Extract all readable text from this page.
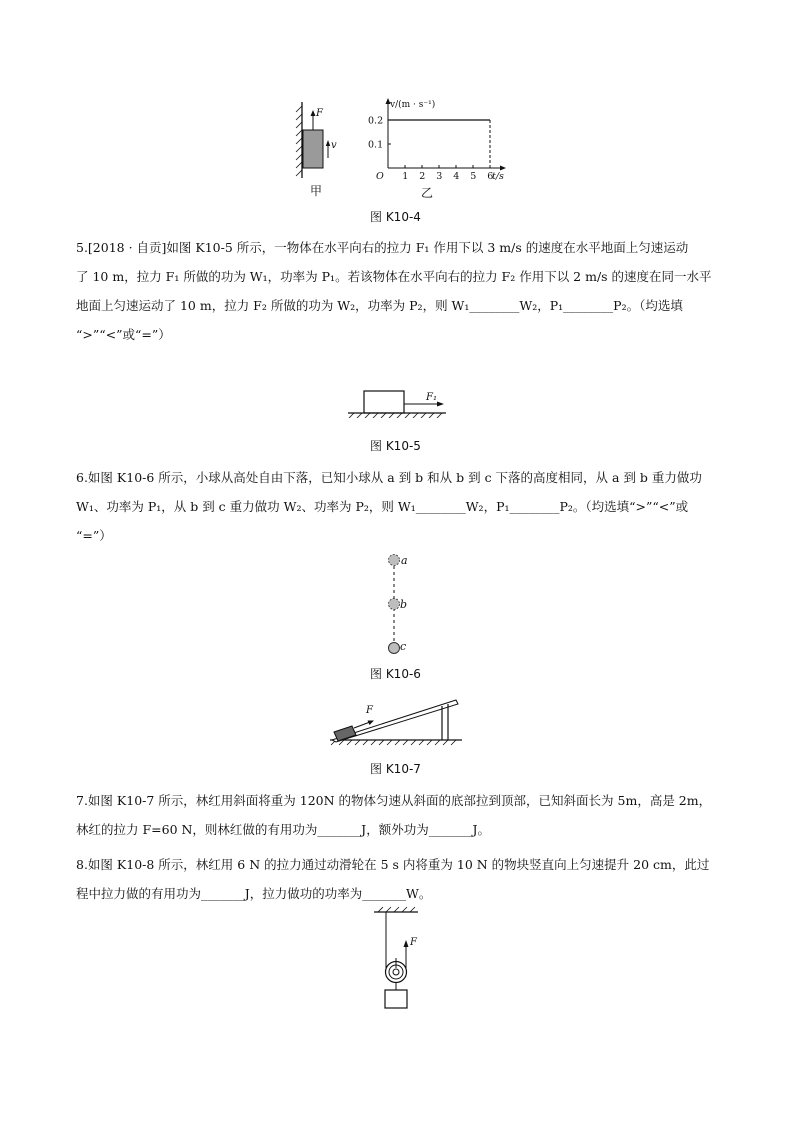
F
v
甲
1 2 3 4 5 6
0.1
0.2
v/(m · s⁻¹)
t/s
O
乙
图 K10-4
5.[2018 · 自贡]如图 K10-5 所示，一物体在水平向右的拉力 F₁ 作用下以 3 m/s 的速度在水平地面上匀速运动
了 10 m，拉力 F₁ 所做的功为 W₁，功率为 P₁。若该物体在水平向右的拉力 F₂ 作用下以 2 m/s 的速度在同一水平
地面上匀速运动了 10 m，拉力 F₂ 所做的功为 W₂，功率为 P₂，则 W₁________W₂，P₁________P₂。（均选填
“>”“<”或“=”）
F₁
图 K10-5
6.如图 K10-6 所示，小球从高处自由下落，已知小球从 a 到 b 和从 b 到 c 下落的高度相同，从 a 到 b 重力做功
W₁、功率为 P₁，从 b 到 c 重力做功 W₂、功率为 P₂，则 W₁________W₂，P₁________P₂。（均选填“>”“<”或
“=”）
a
b
c
图 K10-6
F
图 K10-7
7.如图 K10-7 所示，林红用斜面将重为 120N 的物体匀速从斜面的底部拉到顶部，已知斜面长为 5m，高是 2m，
林红的拉力 F=60 N，则林红做的有用功为_______J，额外功为_______J。
8.如图 K10-8 所示，林红用 6 N 的拉力通过动滑轮在 5 s 内将重为 10 N 的物块竖直向上匀速提升 20 cm，此过
程中拉力做的有用功为_______J，拉力做功的功率为_______W。
F
